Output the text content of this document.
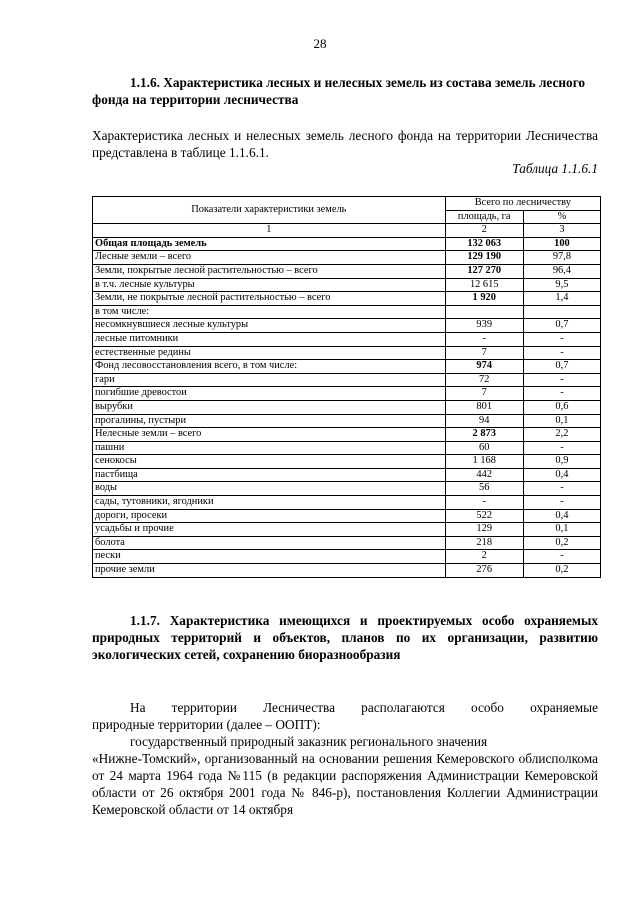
28
1.1.6. Характеристика лесных и нелесных земель из состава земель лесного фонда на территории лесничества
Характеристика лесных и нелесных земель лесного фонда на территории Лесничества представлена в таблице 1.1.6.1.
Таблица 1.1.6.1
Показатели характеристики земель	Всего по лесничеству	
	площадь, га	%
1	2	3
Общая площадь земель	132 063	100
Лесные земли – всего	129 190	97,8
Земли, покрытые лесной растительностью – всего	127 270	96,4
в т.ч. лесные культуры	12 615	9,5
Земли, не покрытые лесной растительностью – всего	1 920	1,4
в том числе:		
несомкнувшиеся лесные культуры	939	0,7
лесные питомники	-	-
естественные редины	7	-
Фонд лесовосстановления всего, в том числе:	974	0,7
гари	72	-
погибшие древостои	7	-
вырубки	801	0,6
прогалины, пустыри	94	0,1
Нелесные земли – всего	2 873	2,2
пашни	60	-
сенокосы	1 168	0,9
пастбища	442	0,4
воды	56	-
сады, тутовники, ягодники	-	-
дороги, просеки	522	0,4
усадьбы и прочие	129	0,1
болота	218	0,2
пески	2	-
прочие земли	276	0,2
1.1.7. Характеристика имеющихся и проектируемых особо охраняемых природных территорий и объектов, планов по их организации, развитию экологических сетей, сохранению биоразнообразия
На территории Лесничества располагаются особо охраняемые
природные территории (далее – ООПТ):
государственный природный заказник регионального значения
«Нижне-Томский», организованный на основании решения Кемеровского облисполкома от 24 марта 1964 года №115 (в редакции распоряжения Администрации Кемеровской области от 26 октября 2001 года № 846-р), постановления Коллегии Администрации Кемеровской области от 14 октября
